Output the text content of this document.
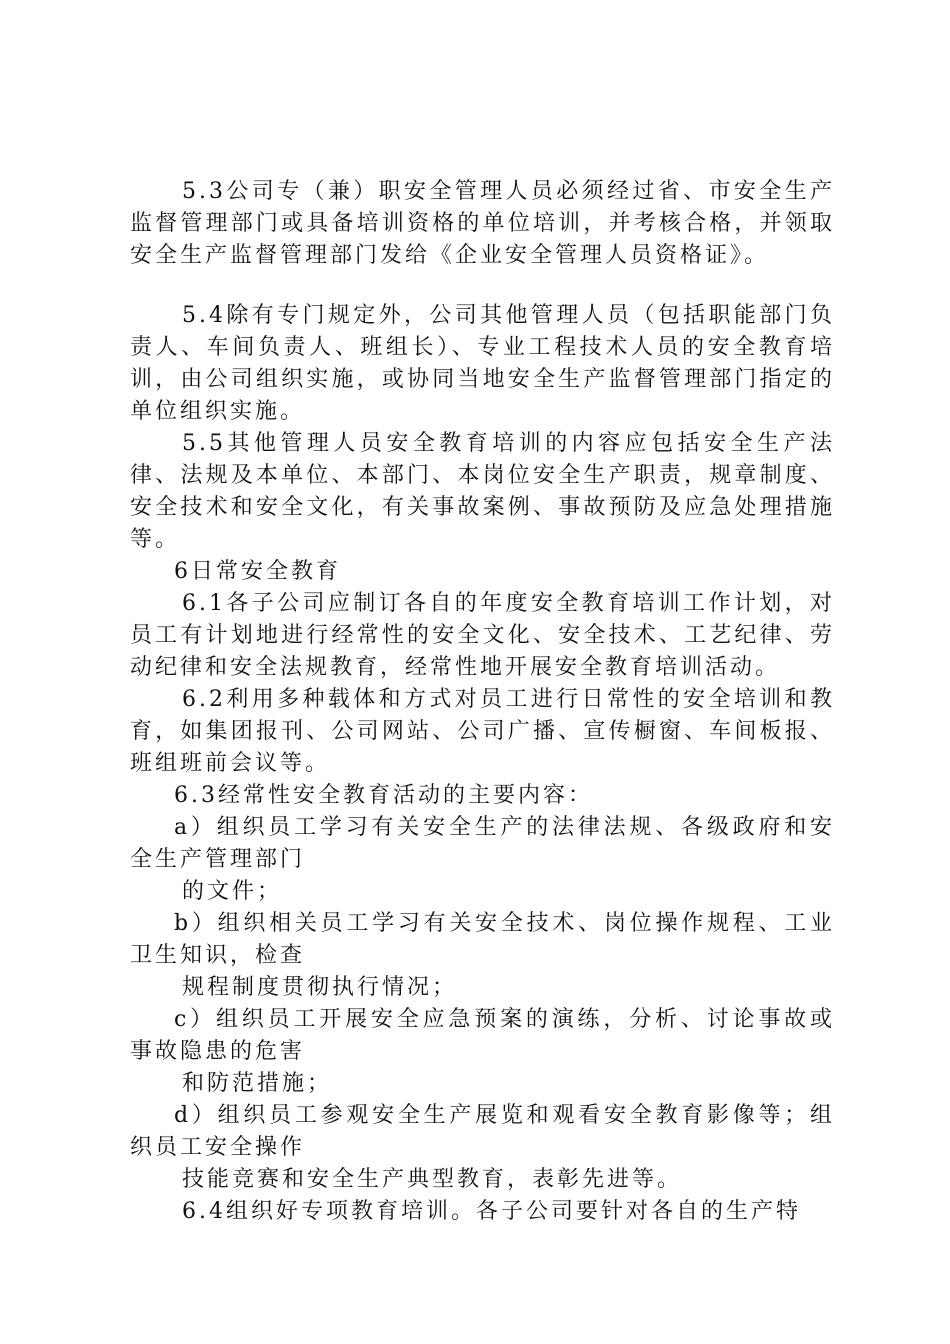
5.3公司专（兼）职安全管理人员必须经过省、市安全生产监督管理部门或具备培训资格的单位培训，并考核合格，并领取安全生产监督管理部门发给《企业安全管理人员资格证》。

5.4除有专门规定外，公司其他管理人员（包括职能部门负责人、车间负责人、班组长）、专业工程技术人员的安全教育培训，由公司组织实施，或协同当地安全生产监督管理部门指定的单位组织实施。

5.5其他管理人员安全教育培训的内容应包括安全生产法律、法规及本单位、本部门、本岗位安全生产职责，规章制度、安全技术和安全文化，有关事故案例、事故预防及应急处理措施等。

6日常安全教育

6.1各子公司应制订各自的年度安全教育培训工作计划，对员工有计划地进行经常性的安全文化、安全技术、工艺纪律、劳动纪律和安全法规教育，经常性地开展安全教育培训活动。

6.2利用多种载体和方式对员工进行日常性的安全培训和教育，如集团报刊、公司网站、公司广播、宣传橱窗、车间板报、班组班前会议等。

6.3经常性安全教育活动的主要内容：

a）组织员工学习有关安全生产的法律法规、各级政府和安全生产管理部门

的文件；

b）组织相关员工学习有关安全技术、岗位操作规程、工业卫生知识，检查

规程制度贯彻执行情况；

c）组织员工开展安全应急预案的演练，分析、讨论事故或事故隐患的危害

和防范措施；

d）组织员工参观安全生产展览和观看安全教育影像等；组织员工安全操作

技能竞赛和安全生产典型教育，表彰先进等。

6.4组织好专项教育培训。各子公司要针对各自的生产特
